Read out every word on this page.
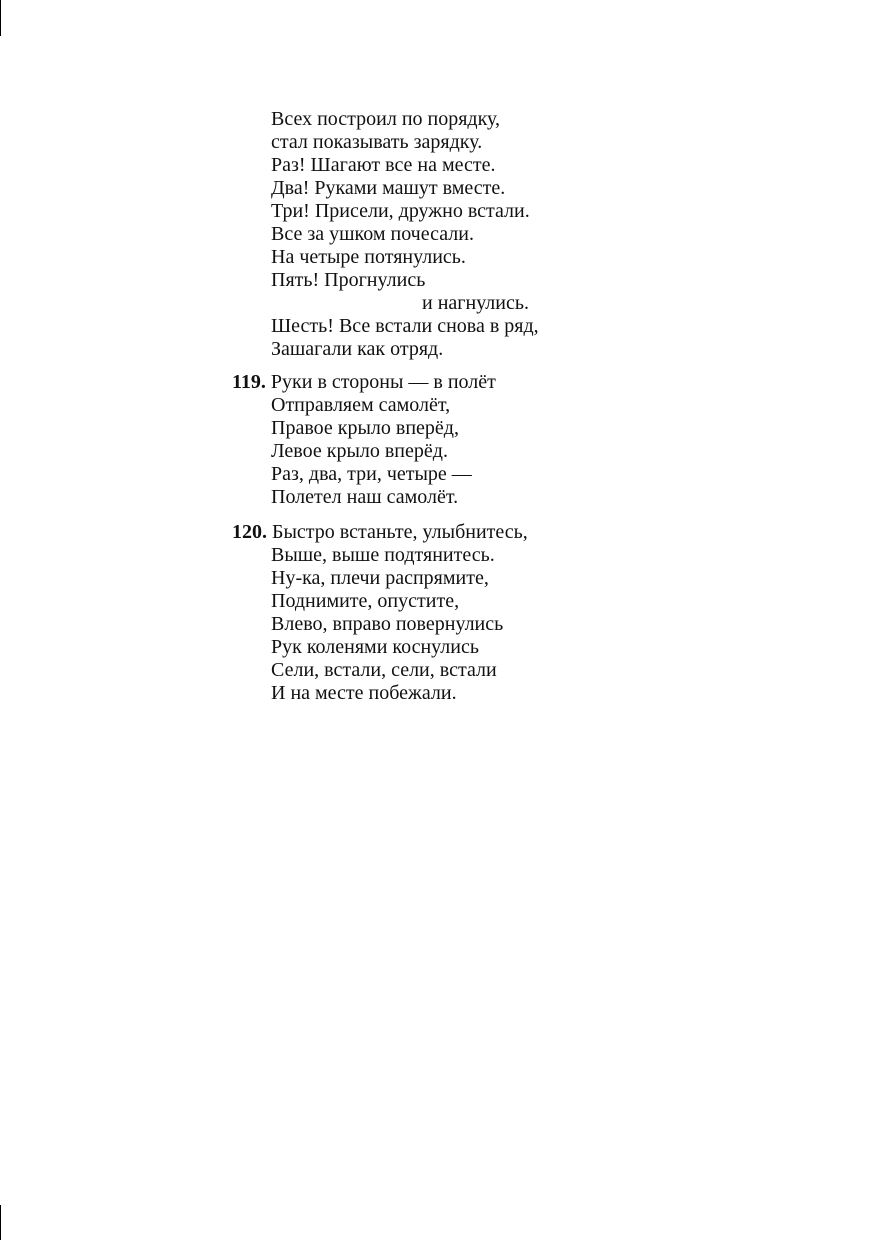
Всех построил по порядку,
стал показывать зарядку.
Раз! Шагают все на месте.
Два! Руками машут вместе.
Три! Присели, дружно встали.
Все за ушком почесали.
На четыре потянулись.
Пять! Прогнулись
и нагнулись.
Шесть! Все встали снова в ряд,
Зашагали как отряд.
119. Руки в стороны — в полёт
Отправляем самолёт,
Правое крыло вперёд,
Левое крыло вперёд.
Раз, два, три, четыре —
Полетел наш самолёт.
120. Быстро встаньте, улыбнитесь,
Выше, выше подтянитесь.
Ну-ка, плечи распрямите,
Поднимите, опустите,
Влево, вправо повернулись
Рук коленями коснулись
Сели, встали, сели, встали
И на месте побежали.
